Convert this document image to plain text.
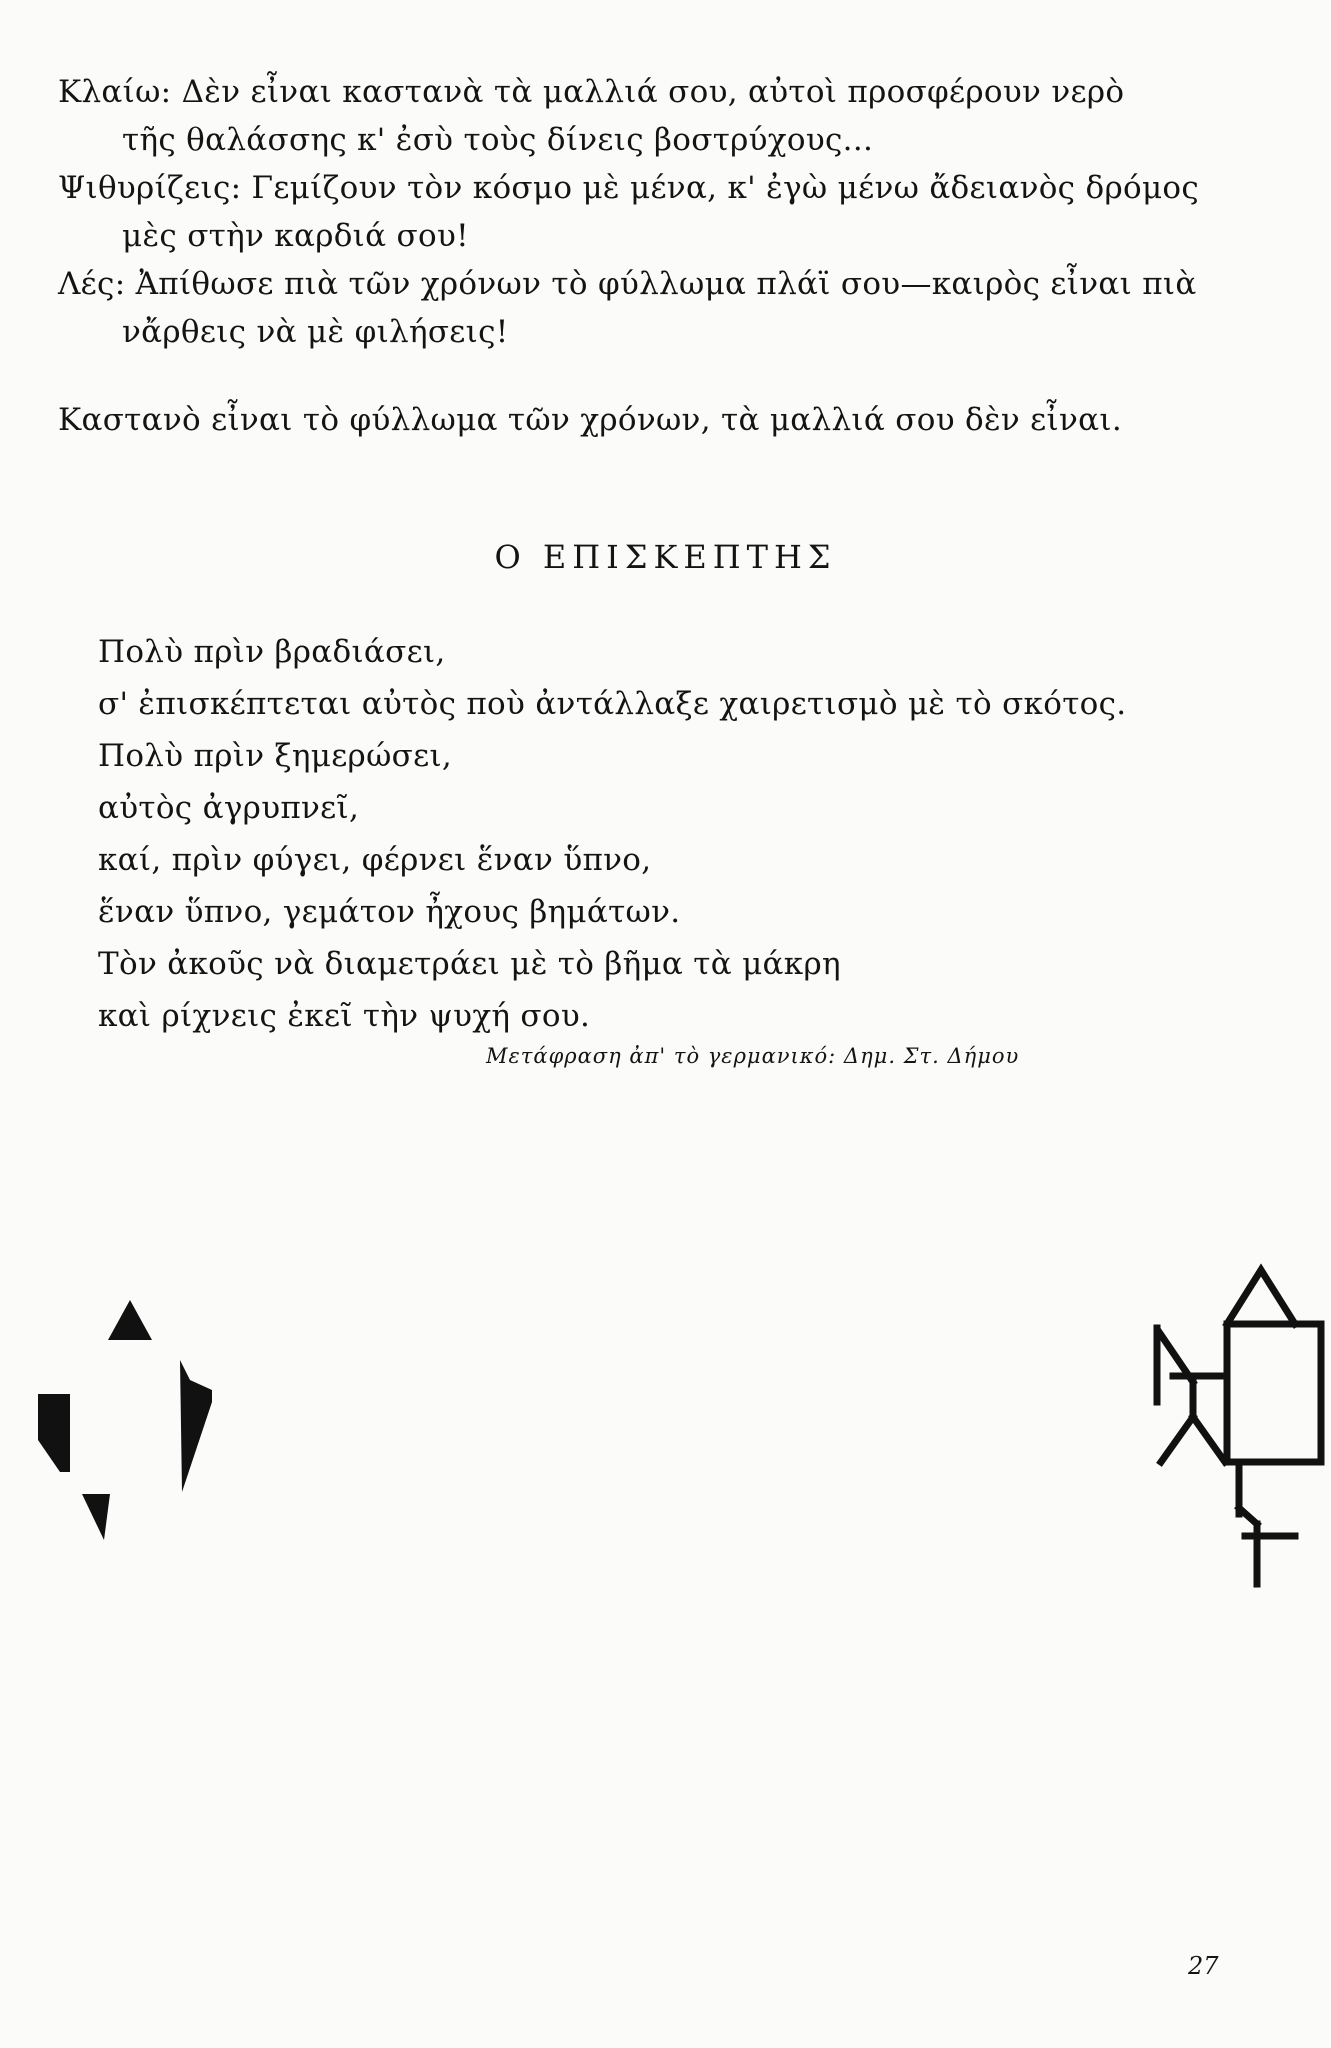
Κλαίω: Δὲν εἶναι καστανὰ τὰ μαλλιά σου, αὐτοὶ προσφέρουν νερὸ

τῆς θαλάσσης κ' ἐσὺ τοὺς δίνεις βοστρύχους...

Ψιθυρίζεις: Γεμίζουν τὸν κόσμο μὲ μένα, κ' ἐγὼ μένω ἄδειανὸς δρόμος

μὲς στὴν καρδιά σου!

Λές: Ἀπίθωσε πιὰ τῶν χρόνων τὸ φύλλωμα πλάϊ σου—καιρὸς εἶναι πιὰ

νἄρθεις νὰ μὲ φιλήσεις!

Καστανὸ εἶναι τὸ φύλλωμα τῶν χρόνων, τὰ μαλλιά σου δὲν εἶναι.

Ο ΕΠΙΣΚΕΠΤΗΣ

Πολὺ πρὶν βραδιάσει,

σ' ἐπισκέπτεται αὐτὸς ποὺ ἀντάλλαξε χαιρετισμὸ μὲ τὸ σκότος.

Πολὺ πρὶν ξημερώσει,

αὐτὸς ἀγρυπνεῖ,

καί, πρὶν φύγει, φέρνει ἕναν ὕπνο,

ἕναν ὕπνο, γεμάτον ἦχους βημάτων.

Τὸν ἀκοῦς νὰ διαμετράει μὲ τὸ βῆμα τὰ μάκρη

καὶ ρίχνεις ἐκεῖ τὴν ψυχή σου.

Μετάφραση ἀπ' τὸ γερμανικό: Δημ. Στ. Δήμου
27
